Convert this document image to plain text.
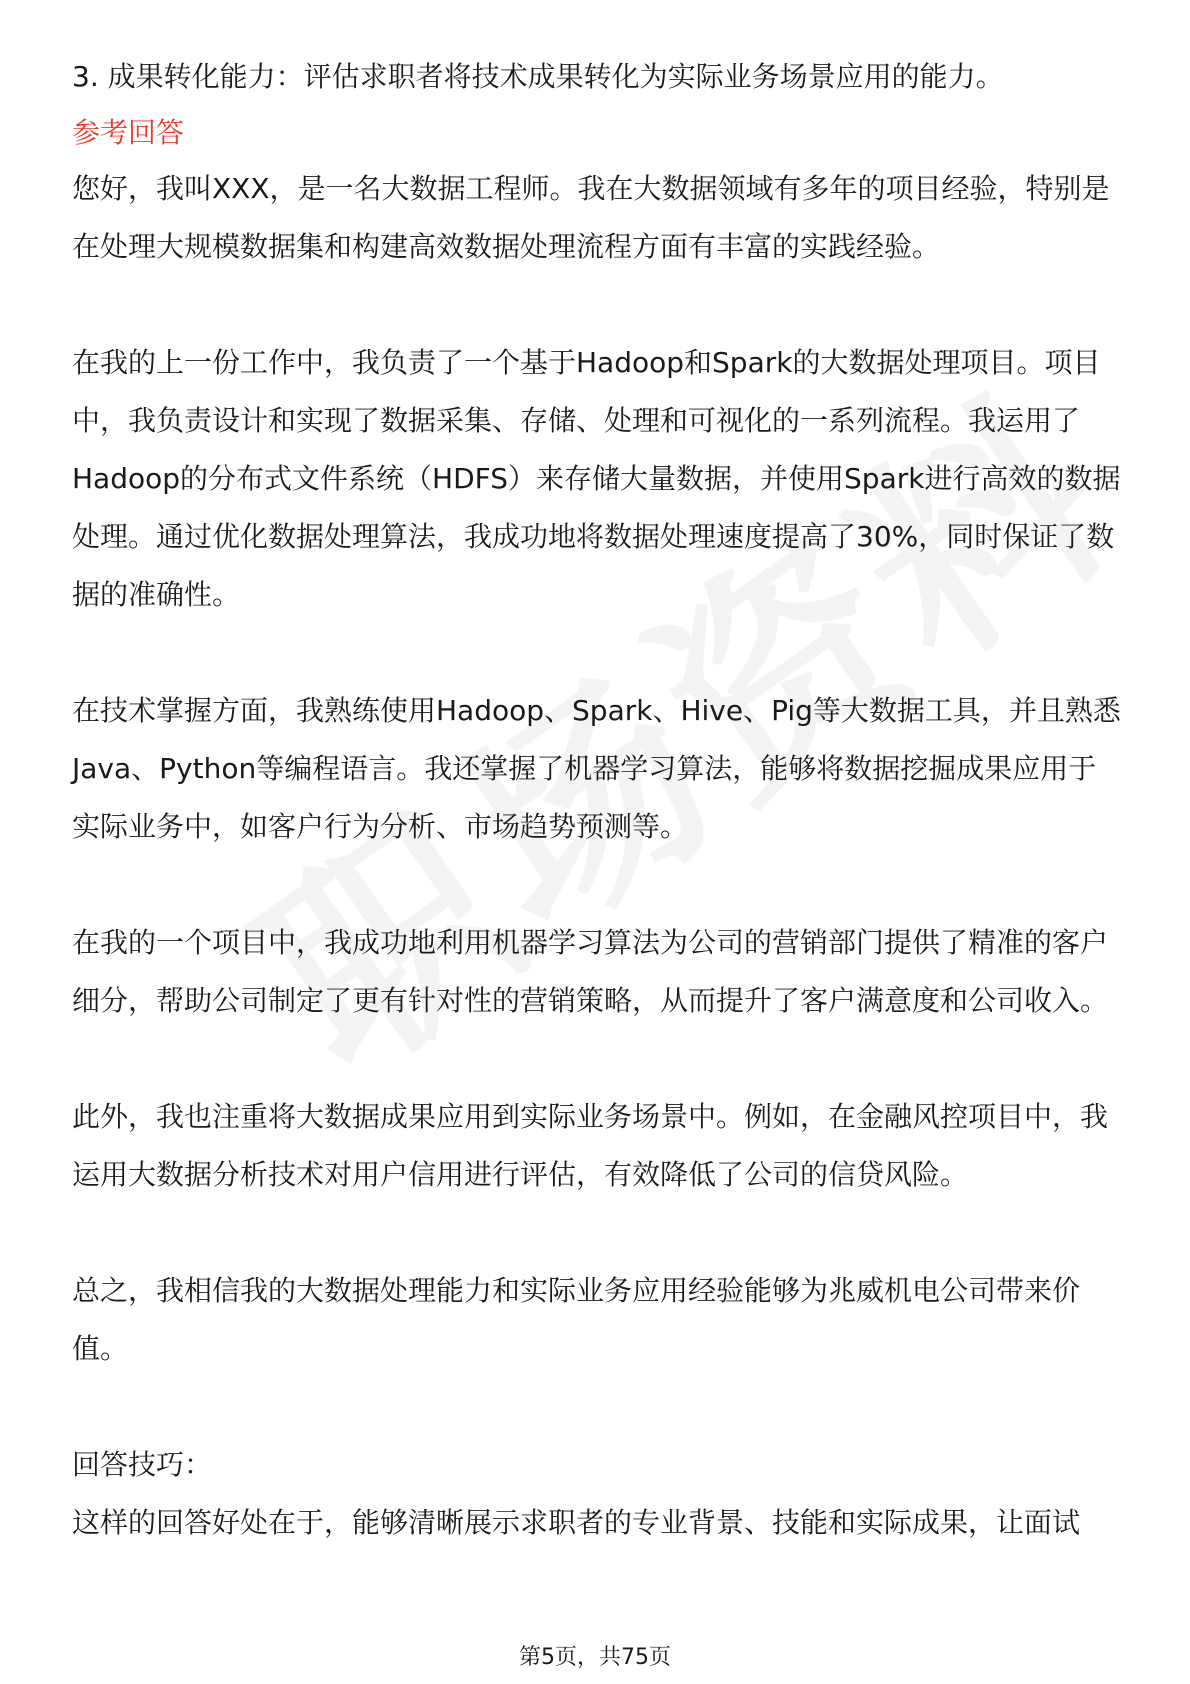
3. 成果转化能力：评估求职者将技术成果转化为实际业务场景应用的能力。

参考回答

您好，我叫XXX，是一名大数据工程师。我在大数据领域有多年的项目经验，特别是在处理大规模数据集和构建高效数据处理流程方面有丰富的实践经验。

在我的上一份工作中，我负责了一个基于Hadoop和Spark的大数据处理项目。项目中，我负责设计和实现了数据采集、存储、处理和可视化的一系列流程。我运用了Hadoop的分布式文件系统（HDFS）来存储大量数据，并使用Spark进行高效的数据处理。通过优化数据处理算法，我成功地将数据处理速度提高了30%，同时保证了数据的准确性。

在技术掌握方面，我熟练使用Hadoop、Spark、Hive、Pig等大数据工具，并且熟悉Java、Python等编程语言。我还掌握了机器学习算法，能够将数据挖掘成果应用于实际业务中，如客户行为分析、市场趋势预测等。

在我的一个项目中，我成功地利用机器学习算法为公司的营销部门提供了精准的客户细分，帮助公司制定了更有针对性的营销策略，从而提升了客户满意度和公司收入。

此外，我也注重将大数据成果应用到实际业务场景中。例如，在金融风控项目中，我运用大数据分析技术对用户信用进行评估，有效降低了公司的信贷风险。

总之，我相信我的大数据处理能力和实际业务应用经验能够为兆威机电公司带来价值。

回答技巧：

这样的回答好处在于，能够清晰展示求职者的专业背景、技能和实际成果，让面试

第5页，共75页
